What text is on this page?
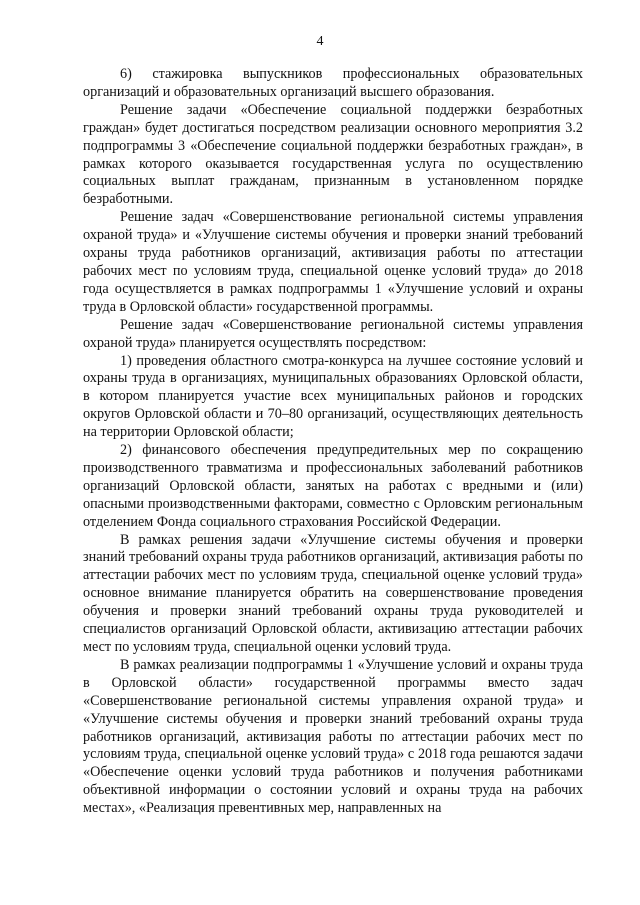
4

6) стажировка выпускников профессиональных образовательных организаций и образовательных организаций высшего образования.

Решение задачи «Обеспечение социальной поддержки безработных граждан» будет достигаться посредством реализации основного мероприятия 3.2 подпрограммы 3 «Обеспечение социальной поддержки безработных граждан», в рамках которого оказывается государственная услуга по осуществлению социальных выплат гражданам, признанным в установленном порядке безработными.

Решение задач «Совершенствование региональной системы управления охраной труда» и «Улучшение системы обучения и проверки знаний требований охраны труда работников организаций, активизация работы по аттестации рабочих мест по условиям труда, специальной оценке условий труда» до 2018 года осуществляется в рамках подпрограммы 1 «Улучшение условий и охраны труда в Орловской области» государственной программы.

Решение задач «Совершенствование региональной системы управления охраной труда» планируется осуществлять посредством:

1) проведения областного смотра-конкурса на лучшее состояние условий и охраны труда в организациях, муниципальных образованиях Орловской области, в котором планируется участие всех муниципальных районов и городских округов Орловской области и 70–80 организаций, осуществляющих деятельность на территории Орловской области;

2) финансового обеспечения предупредительных мер по сокращению производственного травматизма и профессиональных заболеваний работников организаций Орловской области, занятых на работах с вредными и (или) опасными производственными факторами, совместно с Орловским региональным отделением Фонда социального страхования Российской Федерации.

В рамках решения задачи «Улучшение системы обучения и проверки знаний требований охраны труда работников организаций, активизация работы по аттестации рабочих мест по условиям труда, специальной оценке условий труда» основное внимание планируется обратить на совершенствование проведения обучения и проверки знаний требований охраны труда руководителей и специалистов организаций Орловской области, активизацию аттестации рабочих мест по условиям труда, специальной оценки условий труда.

В рамках реализации подпрограммы 1 «Улучшение условий и охраны труда в Орловской области» государственной программы вместо задач «Совершенствование региональной системы управления охраной труда» и «Улучшение системы обучения и проверки знаний требований охраны труда работников организаций, активизация работы по аттестации рабочих мест по условиям труда, специальной оценке условий труда» с 2018 года решаются задачи «Обеспечение оценки условий труда работников и получения работниками объективной информации о состоянии условий и охраны труда на рабочих местах», «Реализация превентивных мер, направленных на
